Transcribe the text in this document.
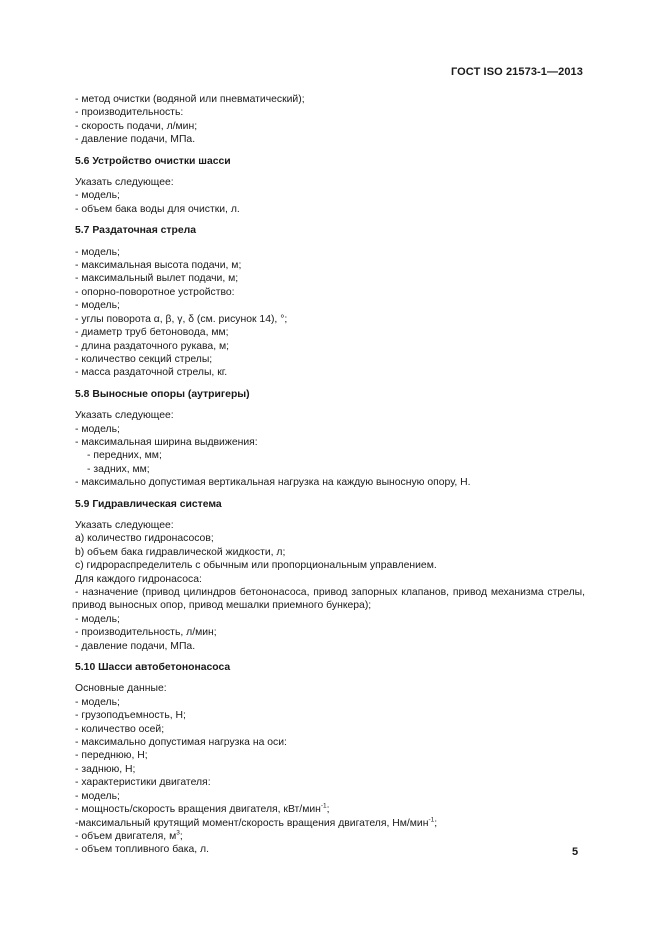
ГОСТ ISO 21573-1—2013
- метод очистки (водяной или пневматический);
- производительность:
- скорость подачи, л/мин;
- давление подачи, МПа.
5.6 Устройство очистки шасси
Указать следующее:
- модель;
- объем бака воды для очистки, л.
5.7 Раздаточная стрела
- модель;
- максимальная высота подачи, м;
- максимальный вылет подачи, м;
- опорно-поворотное устройство:
- модель;
- углы поворота α, β, γ, δ (см. рисунок 14), °;
- диаметр труб бетоновода, мм;
- длина раздаточного рукава, м;
- количество секций стрелы;
- масса раздаточной стрелы, кг.
5.8 Выносные опоры (аутригеры)
Указать следующее:
- модель;
- максимальная ширина выдвижения:
- передних, мм;
- задних, мм;
- максимально допустимая вертикальная нагрузка на каждую выносную опору, Н.
5.9 Гидравлическая система
Указать следующее:
a) количество гидронасосов;
b) объем бака гидравлической жидкости, л;
c) гидрораспределитель с обычным или пропорциональным управлением.
Для каждого гидронасоса:
- назначение (привод цилиндров бетононасоса, привод запорных клапанов, привод механизма стрелы, привод выносных опор, привод мешалки приемного бункера);
- модель;
- производительность, л/мин;
- давление подачи, МПа.
5.10 Шасси автобетононасоса
Основные данные:
- модель;
- грузоподъемность, Н;
- количество осей;
- максимально допустимая нагрузка на оси:
- переднюю, Н;
- заднюю, Н;
- характеристики двигателя:
- модель;
- мощность/скорость вращения двигателя, кВт/мин$^{-1}$;
-максимальный крутящий момент/скорость вращения двигателя, Нм/мин$^{-1}$;
- объем двигателя, $м^3$;
- объем топливного бака, л.	5
